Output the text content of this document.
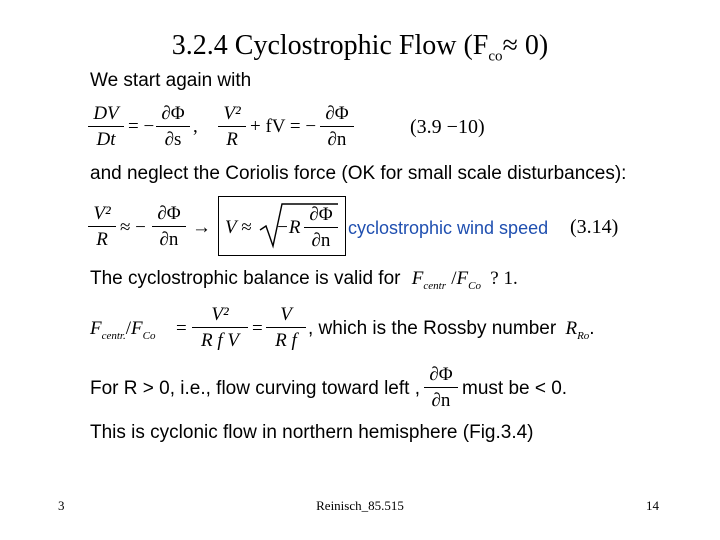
3.2.4 Cyclostrophic Flow $(F_{co}\approx 0)$
We start again with
$\frac{DV}{Dt}$ = − $\frac{\partial\Phi}{\partial s}$ , $\frac{\text{V²}}{R}$ + fV = − $\frac{\partial\Phi}{\partial n}$	(3.9 −10)
and neglect the Coriolis force (OK for small scale disturbances):
$\frac{\text{V²}}{R}$ ≈ − $\frac{\partial\Phi}{\partial n} \to V \approx -R \frac{\partial\Phi}{\partial n}$ cyclostrophic wind speed (3.14)
The cyclostrophic balance is valid for $F_{centr}$ $/F_{Co}$ ? 1.
$F_{centr.}/F_{Co} = \frac{\text{V²}}{\text{R f V}} = \frac{V}{\text{R f}}$ , which is the Rossby number $R_{Ro}$.
For R > 0, i.e., flow curving toward left , $\frac{\partial\Phi}{\partial n}$ must be < 0.
This is cyclonic flow in northern hemisphere (Fig.3.4)
3	Reinisch_85.515	14
